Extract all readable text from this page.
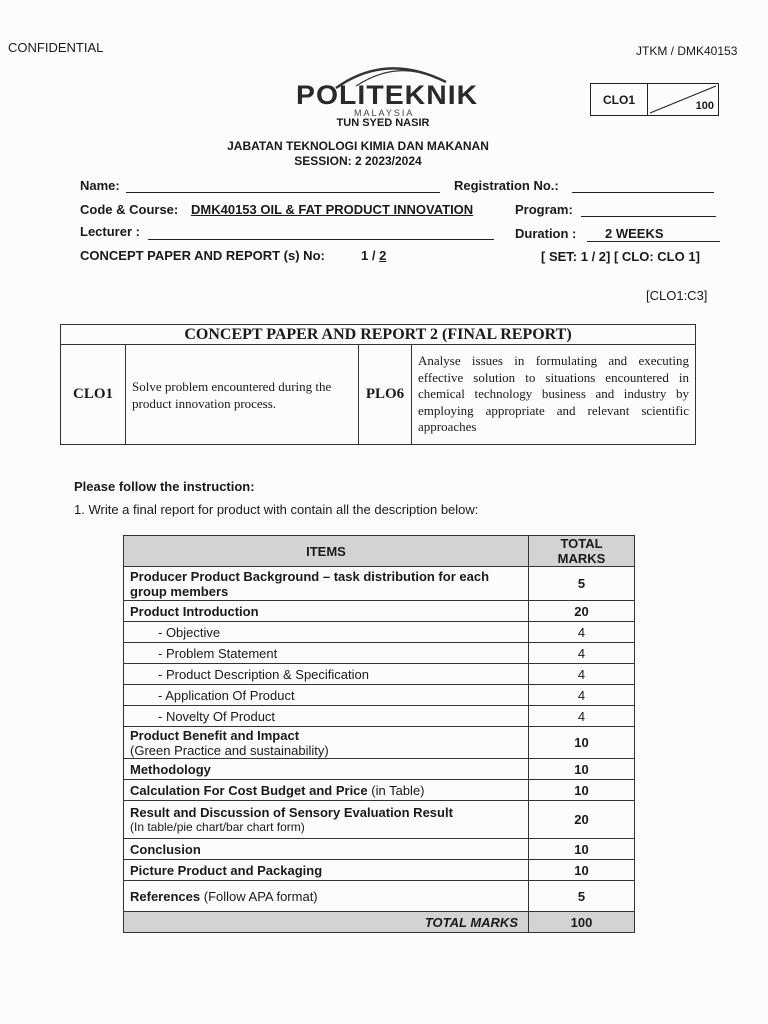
CONFIDENTIAL	JTKM / DMK40153
POLITEKNIK
MALAYSIA
TUN SYED NASIR
JABATAN TEKNOLOGI KIMIA DAN MAKANAN
SESSION: 2 2023/2024
CLO1	100
Name:	Registration No.:
Code & Course: DMK40153 OIL & FAT PRODUCT INNOVATION	Program:
Lecturer :	Duration :	2 WEEKS
CONCEPT PAPER AND REPORT (s) No:	1 / 2	[ SET: 1 / 2] [ CLO: CLO 1]
[CLO1:C3]
CONCEPT PAPER AND REPORT 2 (FINAL REPORT)
CLO1	Solve problem encountered during the product innovation process.	PLO6	Analyse issues in formulating and executing effective solution to situations encountered in chemical technology business and industry by employing appropriate and relevant scientific approaches
Please follow the instruction:
1. Write a final report for product with contain all the description below:
ITEMS	TOTAL MARKS
Producer Product Background – task distribution for each group members	5
Product Introduction	20
- Objective	4
- Problem Statement	4
- Product Description & Specification	4
- Application Of Product	4
- Novelty Of Product	4

Product Benefit and Impact
(Green Practice and sustainability)	10
Methodology	10
Calculation For Cost Budget and Price (in Table)	10

Result and Discussion of Sensory Evaluation Result
(In table/pie chart/bar chart form)	20
Conclusion	10
Picture Product and Packaging	10
References (Follow APA format)	5
TOTAL MARKS	100
